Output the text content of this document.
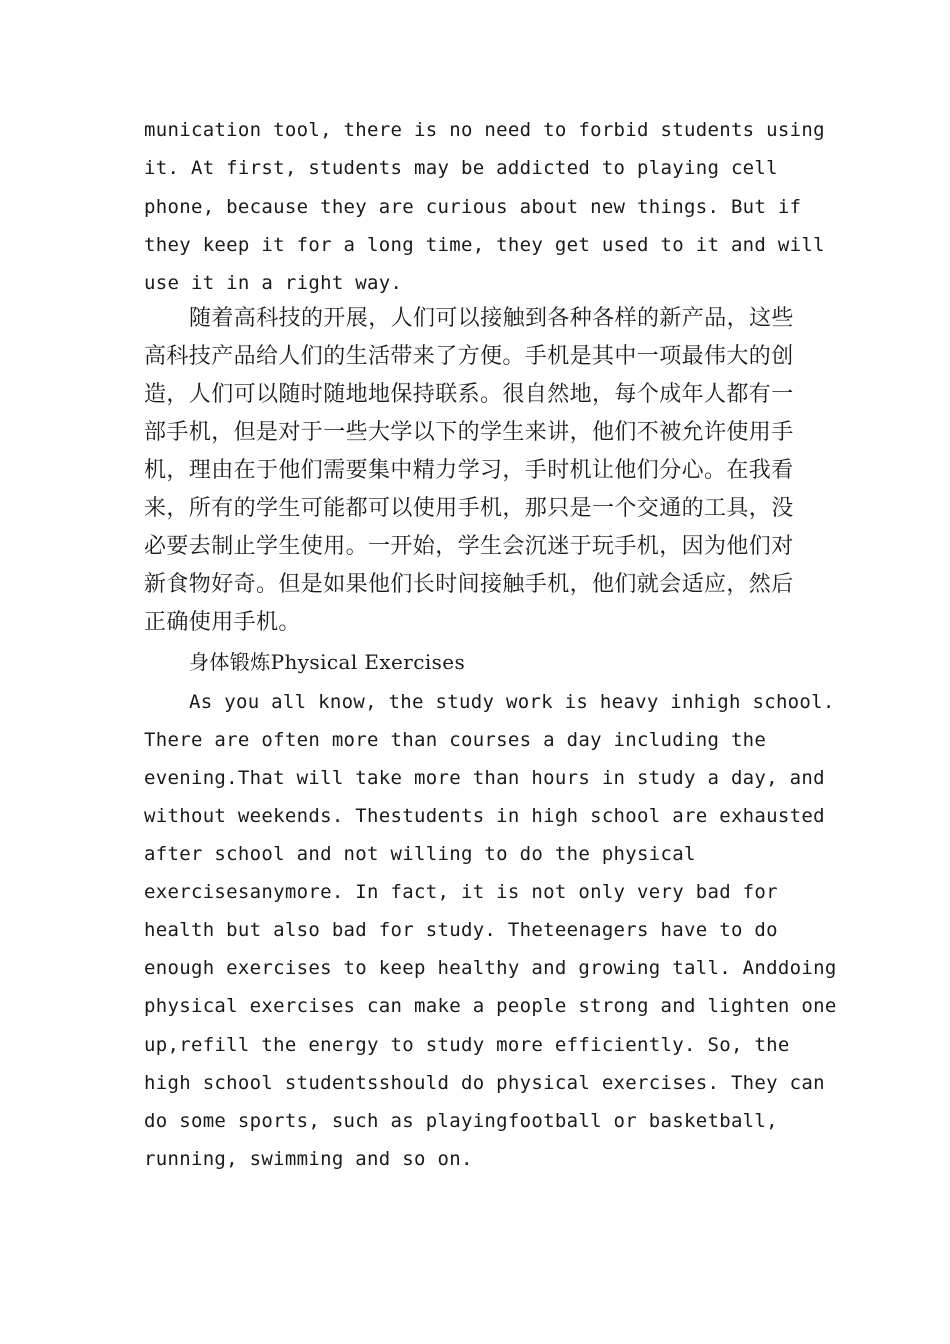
munication tool, there is no need to forbid students using
it. At first, students may be addicted to playing cell
phone, because they are curious about new things. But if
they keep it for a long time, they get used to it and will
use it in a right way.
随着高科技的开展，人们可以接触到各种各样的新产品，这些
高科技产品给人们的生活带来了方便。手机是其中一项最伟大的创
造，人们可以随时随地地保持联系。很自然地，每个成年人都有一
部手机，但是对于一些大学以下的学生来讲，他们不被允许使用手
机，理由在于他们需要集中精力学习，手时机让他们分心。在我看
来，所有的学生可能都可以使用手机，那只是一个交通的工具，没
必要去制止学生使用。一开始，学生会沉迷于玩手机，因为他们对
新食物好奇。但是如果他们长时间接触手机，他们就会适应，然后
正确使用手机。
身体锻炼Physical Exercises
As you all know, the study work is heavy inhigh school.
There are often more than courses a day including the
evening.That will take more than hours in study a day, and
without weekends. Thestudents in high school are exhausted
after school and not willing to do the physical
exercisesanymore. In fact, it is not only very bad for
health but also bad for study. Theteenagers have to do
enough exercises to keep healthy and growing tall. Anddoing
physical exercises can make a people strong and lighten one
up,refill the energy to study more efficiently. So, the
high school studentsshould do physical exercises. They can
do some sports, such as playingfootball or basketball,
running, swimming and so on.
